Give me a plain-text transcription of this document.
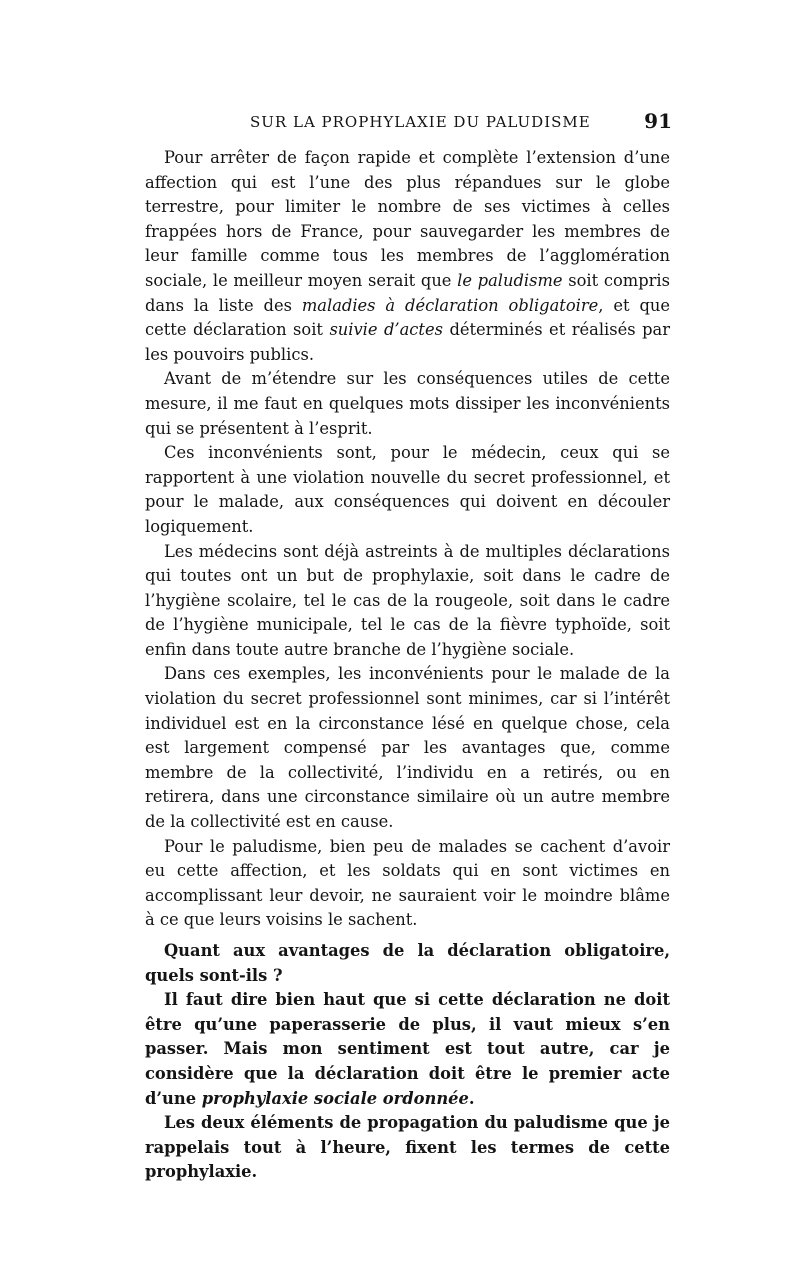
SUR LA PROPHYLAXIE DU PALUDISME	91

Pour arrêter de façon rapide et complète l’extension d’une affection qui est l’une des plus répandues sur le globe terrestre, pour limiter le nombre de ses victimes à celles frappées hors de France, pour sauvegarder les membres de leur famille comme tous les membres de l’agglomération sociale, le meilleur moyen serait que le paludisme soit compris dans la liste des maladies à déclaration obligatoire, et que cette déclaration soit suivie d’actes déterminés et réalisés par les pouvoirs publics.

Avant de m’étendre sur les conséquences utiles de cette mesure, il me faut en quelques mots dissiper les inconvénients qui se présentent à l’esprit.

Ces inconvénients sont, pour le médecin, ceux qui se rapportent à une violation nouvelle du secret professionnel, et pour le malade, aux conséquences qui doivent en découler logiquement.

Les médecins sont déjà astreints à de multiples déclarations qui toutes ont un but de prophylaxie, soit dans le cadre de l’hygiène scolaire, tel le cas de la rougeole, soit dans le cadre de l’hygiène municipale, tel le cas de la fièvre typhoïde, soit enfin dans toute autre branche de l’hygiène sociale.

Dans ces exemples, les inconvénients pour le malade de la violation du secret professionnel sont minimes, car si l’intérêt individuel est en la circonstance lésé en quelque chose, cela est largement compensé par les avantages que, comme membre de la collectivité, l’individu en a retirés, ou en retirera, dans une circonstance similaire où un autre membre de la collectivité est en cause.

Pour le paludisme, bien peu de malades se cachent d’avoir eu cette affection, et les soldats qui en sont victimes en accomplissant leur devoir, ne sauraient voir le moindre blâme à ce que leurs voisins le sachent.

Quant aux avantages de la déclaration obligatoire, quels sont-ils ?

Il faut dire bien haut que si cette déclaration ne doit être qu’une paperasserie de plus, il vaut mieux s’en passer. Mais mon sentiment est tout autre, car je considère que la déclaration doit être le premier acte d’une prophylaxie sociale ordonnée.

Les deux éléments de propagation du paludisme que je rappelais tout à l’heure, fixent les termes de cette prophylaxie.
